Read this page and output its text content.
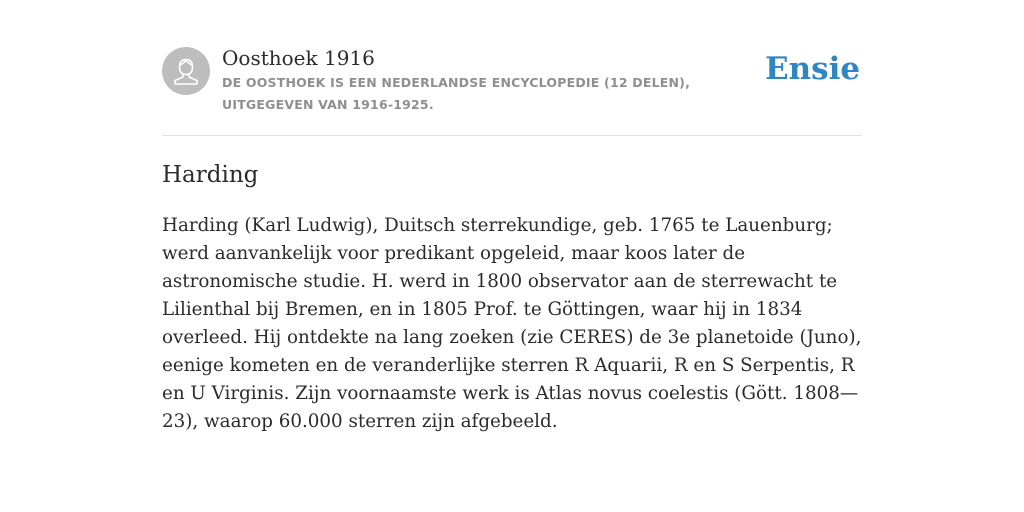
Oosthoek 1916
DE OOSTHOEK IS EEN NEDERLANDSE ENCYCLOPEDIE (12 DELEN), UITGEGEVEN VAN 1916-1925.
Ensie
Harding

Harding (Karl Ludwig), Duitsch sterrekundige, geb. 1765 te Lauenburg; werd aanvankelijk voor predikant opgeleid, maar koos later de astronomische studie. H. werd in 1800 observator aan de sterrewacht te Lilienthal bij Bremen, en in 1805 Prof. te Göttingen, waar hij in 1834 overleed. Hij ontdekte na lang zoeken (zie CERES) de 3e planetoide (Juno), eenige kometen en de veranderlijke sterren R Aquarii, R en S Serpentis, R en U Virginis. Zijn voornaamste werk is Atlas novus coelestis (Gött. 1808—23), waarop 60.000 sterren zijn afgebeeld.
